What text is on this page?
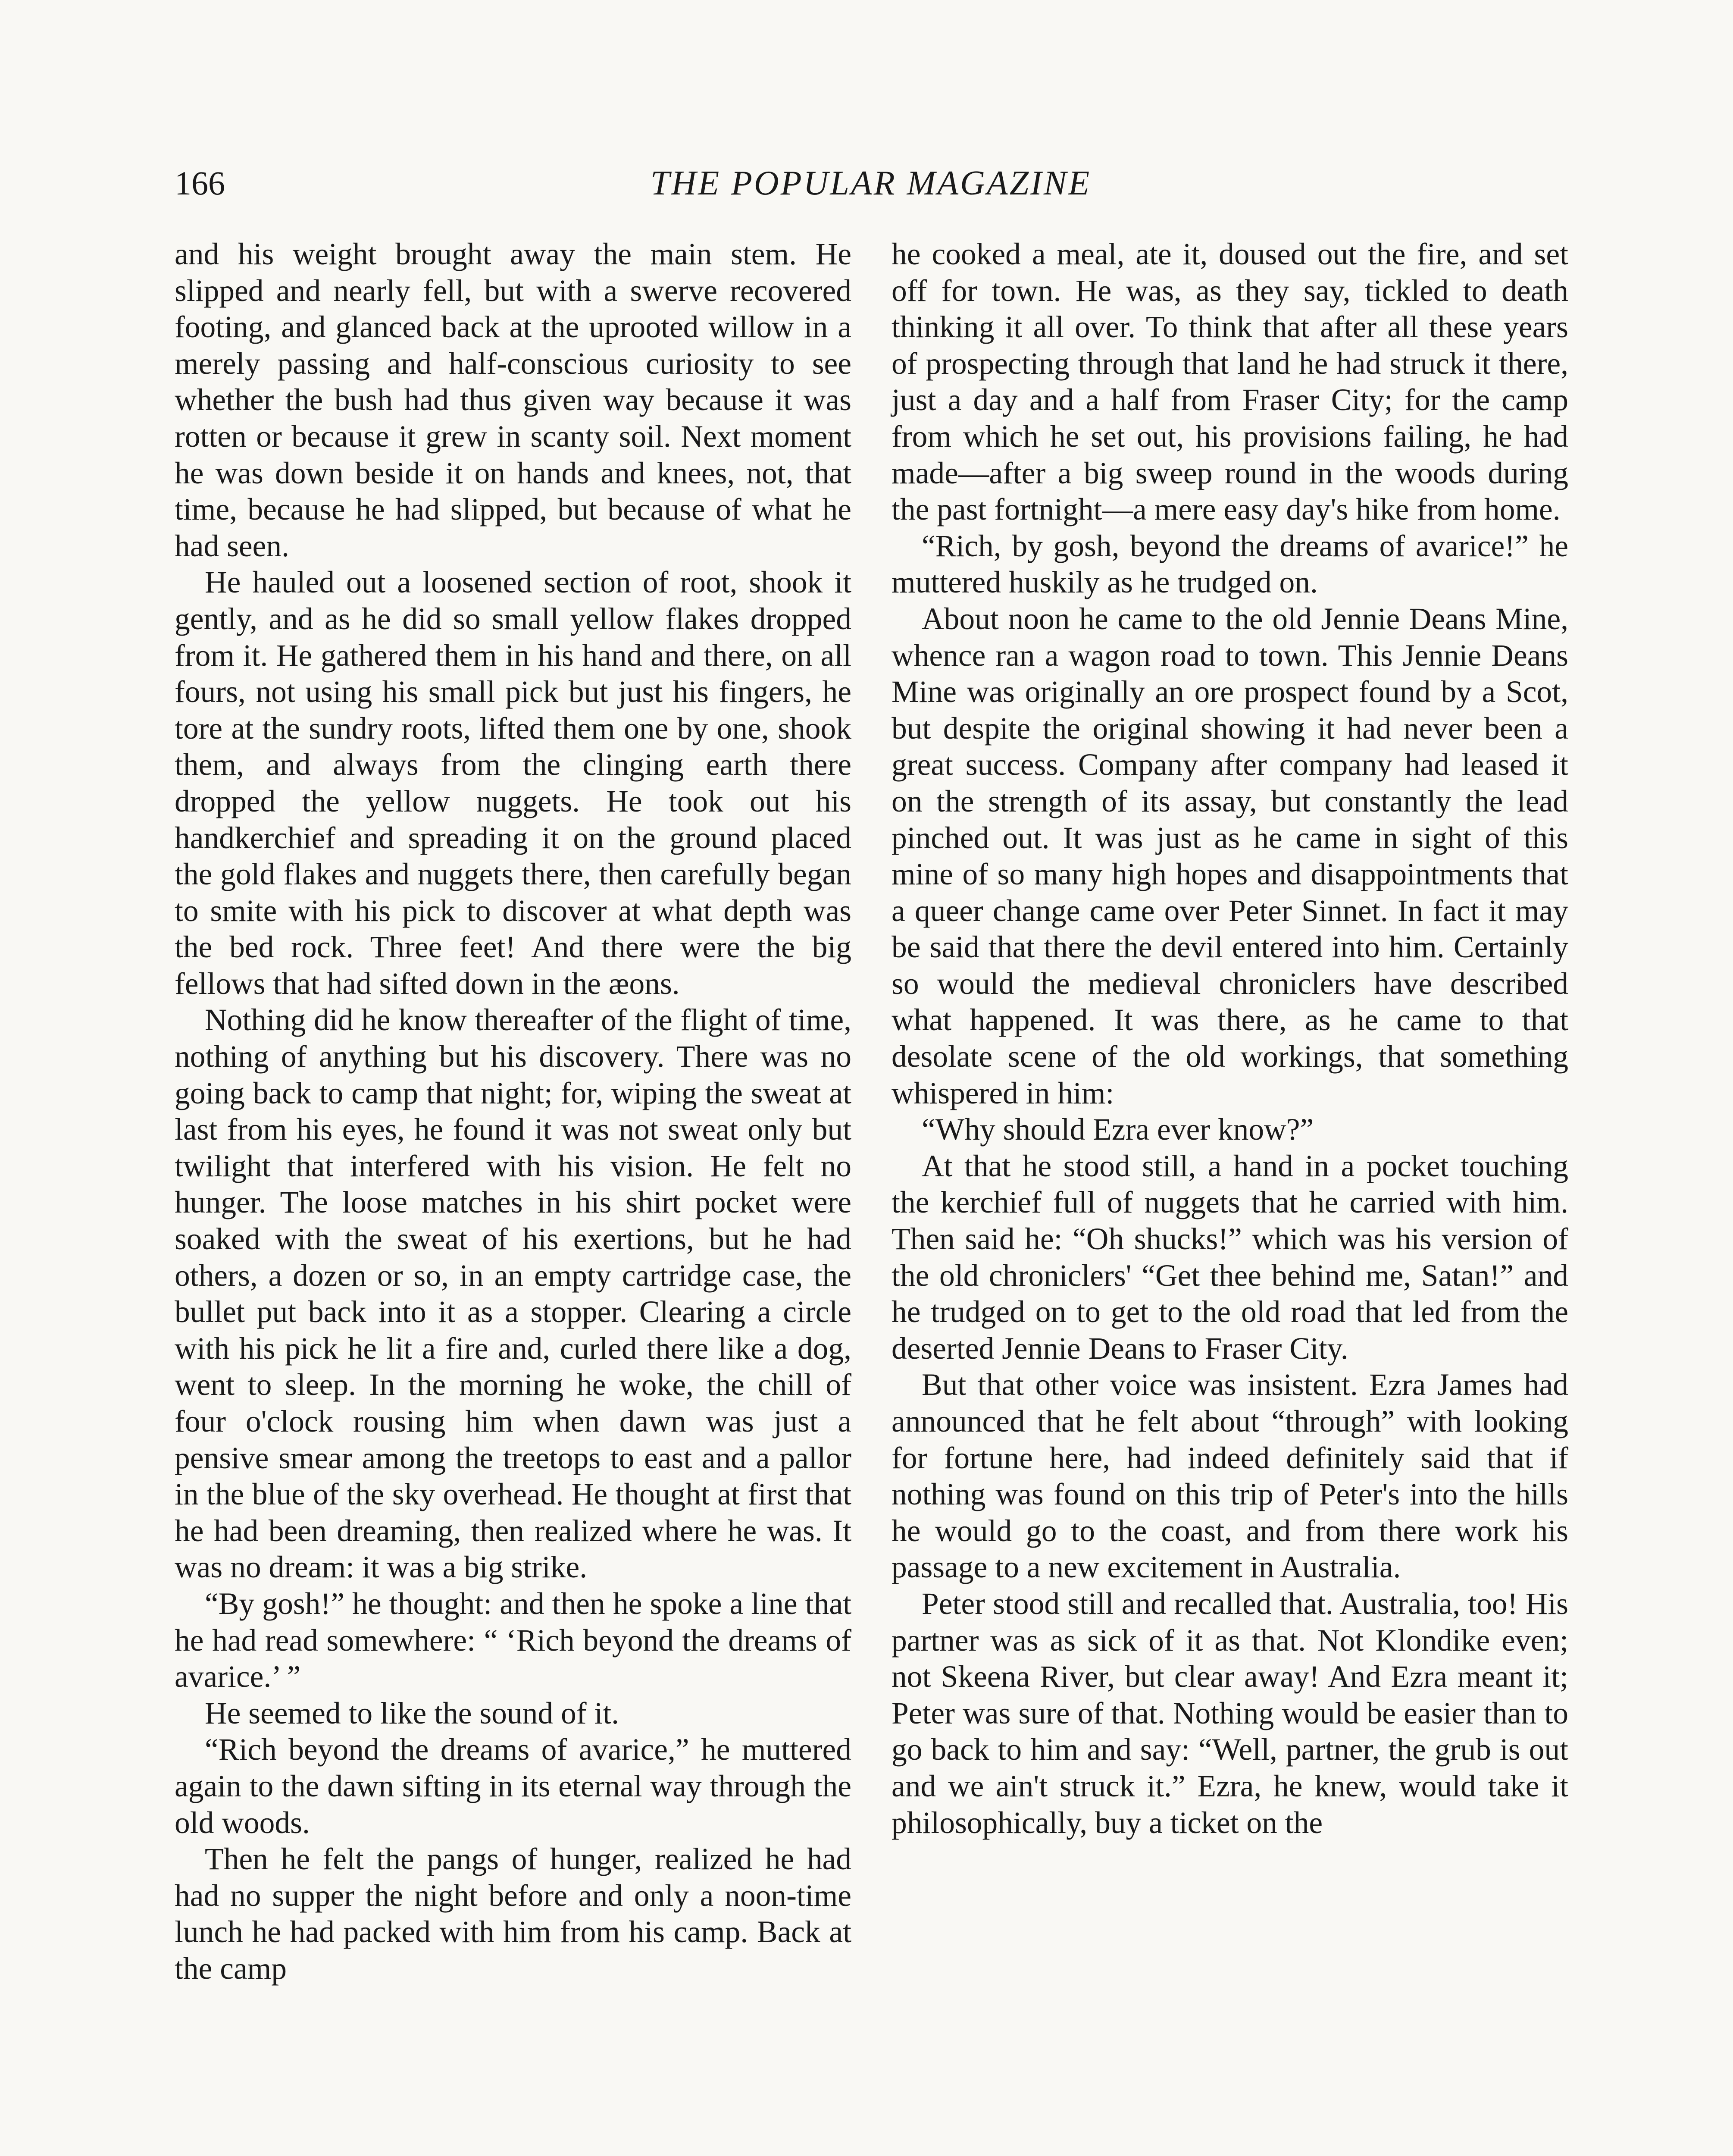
166	THE POPULAR MAGAZINE

and his weight brought away the main stem. He slipped and nearly fell, but with a swerve recovered footing, and glanced back at the uprooted willow in a merely passing and half-conscious curiosity to see whether the bush had thus given way because it was rotten or because it grew in scanty soil. Next moment he was down beside it on hands and knees, not, that time, because he had slipped, but because of what he had seen.

He hauled out a loosened section of root, shook it gently, and as he did so small yellow flakes dropped from it. He gathered them in his hand and there, on all fours, not using his small pick but just his fingers, he tore at the sundry roots, lifted them one by one, shook them, and always from the clinging earth there dropped the yellow nuggets. He took out his handkerchief and spreading it on the ground placed the gold flakes and nuggets there, then carefully began to smite with his pick to discover at what depth was the bed rock. Three feet! And there were the big fellows that had sifted down in the æons.

Nothing did he know thereafter of the flight of time, nothing of anything but his discovery. There was no going back to camp that night; for, wiping the sweat at last from his eyes, he found it was not sweat only but twilight that interfered with his vision. He felt no hunger. The loose matches in his shirt pocket were soaked with the sweat of his exertions, but he had others, a dozen or so, in an empty cartridge case, the bullet put back into it as a stopper. Clearing a circle with his pick he lit a fire and, curled there like a dog, went to sleep. In the morning he woke, the chill of four o'clock rousing him when dawn was just a pensive smear among the treetops to east and a pallor in the blue of the sky overhead. He thought at first that he had been dreaming, then realized where he was. It was no dream: it was a big strike.

“By gosh!” he thought: and then he spoke a line that he had read somewhere: “ ‘Rich beyond the dreams of avarice.’ ”

He seemed to like the sound of it.

“Rich beyond the dreams of avarice,” he muttered again to the dawn sifting in its eternal way through the old woods.

Then he felt the pangs of hunger, realized he had had no supper the night before and only a noon-time lunch he had packed with him from his camp. Back at the camp

he cooked a meal, ate it, doused out the fire, and set off for town. He was, as they say, tickled to death thinking it all over. To think that after all these years of prospecting through that land he had struck it there, just a day and a half from Fraser City; for the camp from which he set out, his provisions failing, he had made—after a big sweep round in the woods during the past fortnight—a mere easy day's hike from home.

“Rich, by gosh, beyond the dreams of avarice!” he muttered huskily as he trudged on.

About noon he came to the old Jennie Deans Mine, whence ran a wagon road to town. This Jennie Deans Mine was originally an ore prospect found by a Scot, but despite the original showing it had never been a great success. Company after company had leased it on the strength of its assay, but constantly the lead pinched out. It was just as he came in sight of this mine of so many high hopes and disappointments that a queer change came over Peter Sinnet. In fact it may be said that there the devil entered into him. Certainly so would the medieval chroniclers have described what happened. It was there, as he came to that desolate scene of the old workings, that something whispered in him:

“Why should Ezra ever know?”

At that he stood still, a hand in a pocket touching the kerchief full of nuggets that he carried with him. Then said he: “Oh shucks!” which was his version of the old chroniclers' “Get thee behind me, Satan!” and he trudged on to get to the old road that led from the deserted Jennie Deans to Fraser City.

But that other voice was insistent. Ezra James had announced that he felt about “through” with looking for fortune here, had indeed definitely said that if nothing was found on this trip of Peter's into the hills he would go to the coast, and from there work his passage to a new excitement in Australia.

Peter stood still and recalled that. Australia, too! His partner was as sick of it as that. Not Klondike even; not Skeena River, but clear away! And Ezra meant it; Peter was sure of that. Nothing would be easier than to go back to him and say: “Well, partner, the grub is out and we ain't struck it.” Ezra, he knew, would take it philosophically, buy a ticket on the
